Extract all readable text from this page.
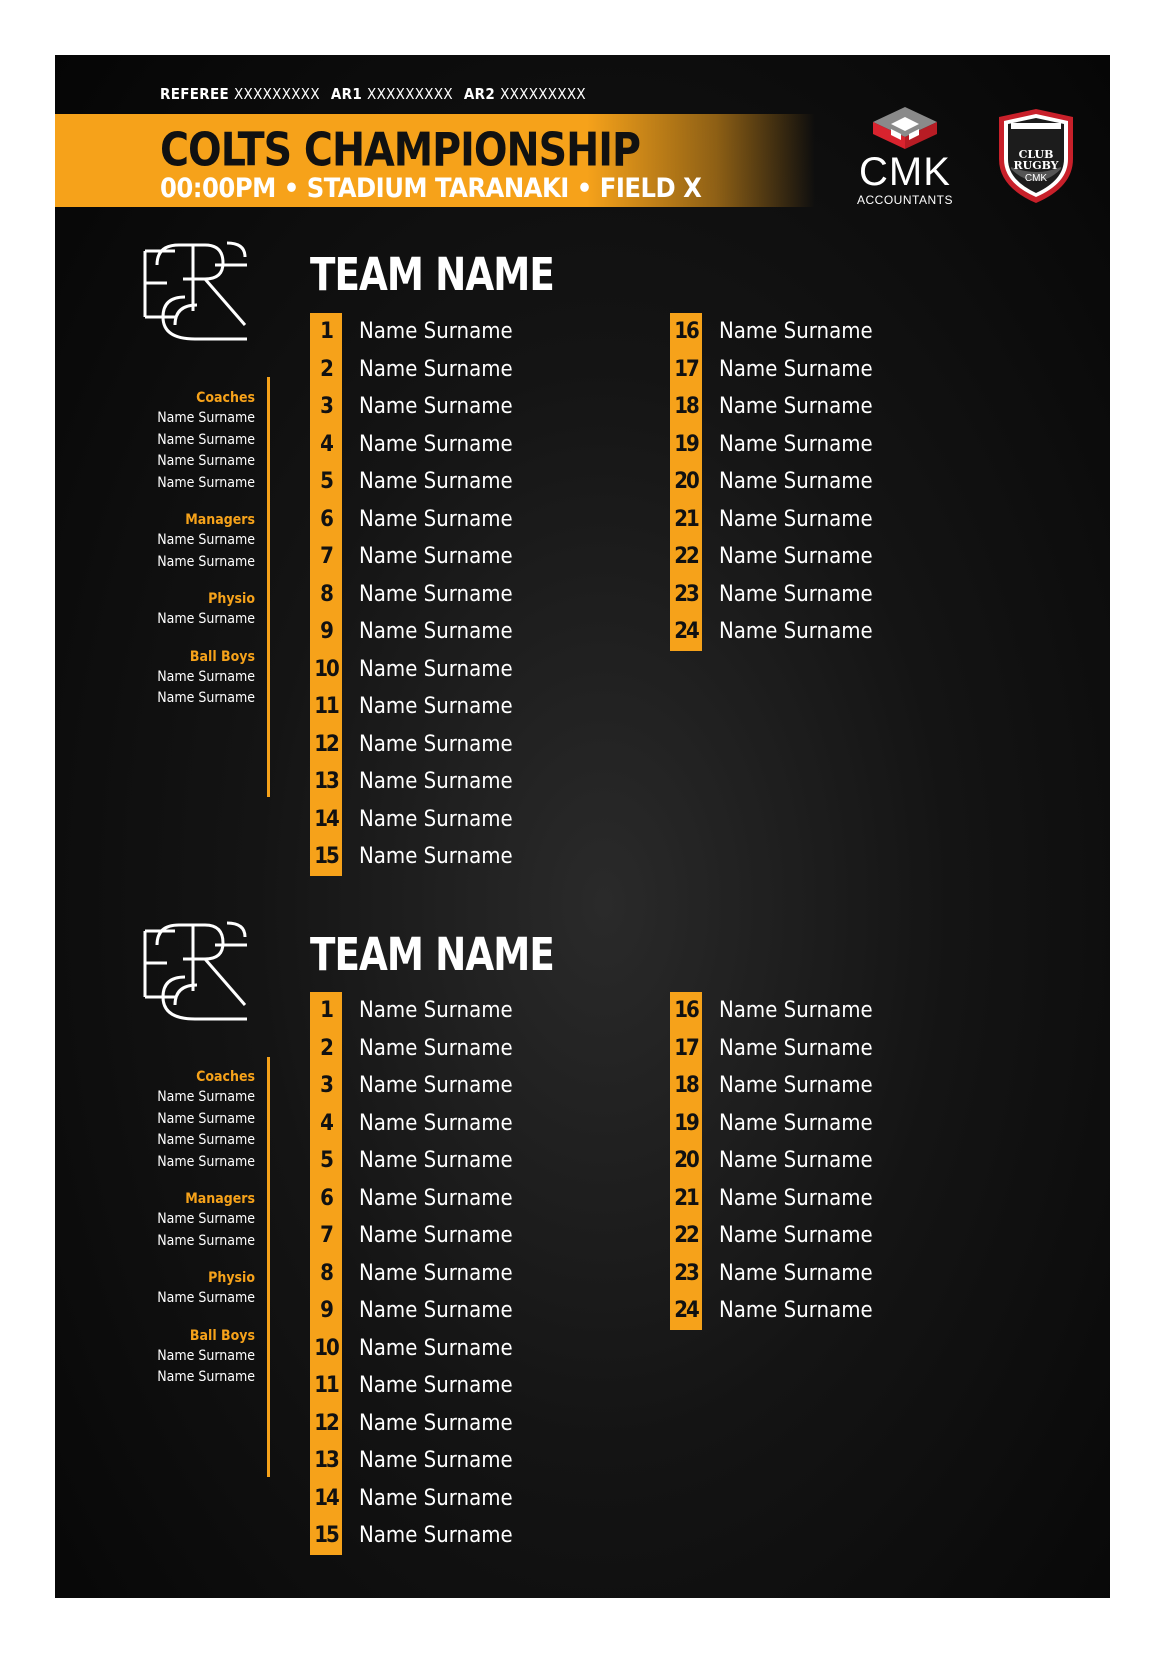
REFEREE XXXXXXXXX AR1 XXXXXXXXX AR2 XXXXXXXXX
COLTS CHAMPIONSHIP
00:00PM • STADIUM TARANAKI • FIELD X	CMK
ACCOUNTANTS
CLUB
RUGBY
CMK
TEAM NAME
Coaches
Name Surname
Name Surname
Name Surname
Name Surname
Managers
Name Surname
Name Surname
Physio
Name Surname
Ball Boys
Name Surname
Name Surname
1
2
3
4
5
6
7
8
9
10
11
12
13
14
15
Name Surname
Name Surname
Name Surname
Name Surname
Name Surname
Name Surname
Name Surname
Name Surname
Name Surname
Name Surname
Name Surname
Name Surname
Name Surname
Name Surname
Name Surname
16
17
18
19
20
21
22
23
24
Name Surname
Name Surname
Name Surname
Name Surname
Name Surname
Name Surname
Name Surname
Name Surname
Name Surname
TEAM NAME
Coaches
Name Surname
Name Surname
Name Surname
Name Surname
Managers
Name Surname
Name Surname
Physio
Name Surname
Ball Boys
Name Surname
Name Surname
1
2
3
4
5
6
7
8
9
10
11
12
13
14
15
Name Surname
Name Surname
Name Surname
Name Surname
Name Surname
Name Surname
Name Surname
Name Surname
Name Surname
Name Surname
Name Surname
Name Surname
Name Surname
Name Surname
Name Surname
16
17
18
19
20
21
22
23
24
Name Surname
Name Surname
Name Surname
Name Surname
Name Surname
Name Surname
Name Surname
Name Surname
Name Surname
